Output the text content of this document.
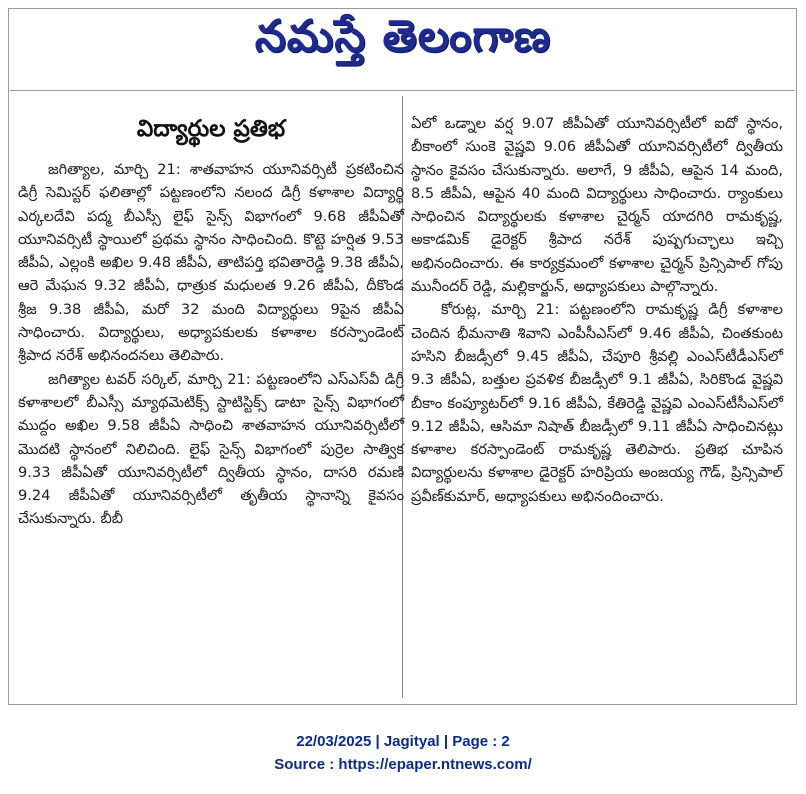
నమస్తే తెలంగాణ
విద్యార్థుల ప్రతిభ

జగిత్యాల, మార్చి 21: శాతవాహన యూనివర్సిటీ ప్రకటించిన డిగ్రీ సెమిస్టర్ ఫలితాల్లో పట్టణంలోని నలంద డిగ్రీ కళాశాల విద్యార్థి ఎర్కలదేవి పద్మ బీఎస్సీ లైఫ్ సైన్స్ విభాగంలో 9.68 జీపీఏతో యూనివర్సిటీ స్థాయిలో ప్రథమ స్థానం సాధించింది. కొట్టె హర్షిత 9.53 జీపీఏ, ఎల్లంకి అఖిల 9.48 జీపీఏ, తాటిపర్తి భవితారెడ్డి 9.38 జీపీఏ, ఆరె మేఘన 9.32 జీపీఏ, ధాత్రుక మధులత 9.26 జీపీఏ, దీకొండ శ్రీజ 9.38 జీపీఏ, మరో 32 మంది విద్యార్థులు 9పైన జీపీఏ సాధించారు. విద్యార్థులు, అధ్యాపకులకు కళాశాల కరస్పాండెంట్ శ్రీపాద నరేశ్ అభినందనలు తెలిపారు.

జగిత్యాల టవర్ సర్కిల్, మార్చి 21: పట్టణంలోని ఎస్ఎస్‌వీ డిగ్రీ కళాశాలలో బీఎస్సీ మ్యాథమెటిక్స్ స్టాటిస్టిక్స్ డాటా సైన్స్ విభాగంలో ముద్దం అఖిల 9.58 జీపీఏ సాధించి శాతవాహన యూనివర్సిటీలో మొదటి స్థానంలో నిలిచింది. లైఫ్ సైన్స్ విభాగంలో పుర్రెల సాత్విక 9.33 జీపీఏతో యూనివర్సిటీలో ద్వితీయ స్థానం, దాసరి రమణి 9.24 జీపీఏతో యూనివర్సిటీలో తృతీయ స్థానాన్ని కైవసం చేసుకున్నారు. బీబీ

ఏలో ఒడ్నాల వర్ష 9.07 జీపీఏతో యూనివర్సిటీలో ఐదో స్థానం, బీకాంలో సుంకె వైష్ణవి 9.06 జీపీఏతో యూనివర్సిటీలో ద్వితీయ స్థానం కైవసం చేసుకున్నారు. అలాగే, 9 జీపీఏ, ఆపైన 14 మంది, 8.5 జీపీఏ, ఆపైన 40 మంది విద్యార్థులు సాధించారు. ర్యాంకులు సాధించిన విద్యార్థులకు కళాశాల చైర్మన్ యాదగిరి రామకృష్ణ, అకాడమిక్ డైరెక్టర్ శ్రీపాద నరేశ్ పుష్పగుచ్ఛాలు ఇచ్చి అభినందించారు. ఈ కార్యక్రమంలో కళాశాల చైర్మన్ ప్రిన్సిపాల్ గోపు మునీందర్ రెడ్డి, మల్లికార్జున్, అధ్యాపకులు పాల్గొన్నారు.

కోరుట్ల, మార్చి 21: పట్టణంలోని రామకృష్ణ డిగ్రీ కళాశాల చెందిన భీమనాతి శివాని ఎంపీసీఎస్‌లో 9.46 జీపీఏ, చింతకుంట హసిని బీజడ్సీలో 9.45 జీపీఏ, చేపూరి శ్రీవల్లి ఎంఎస్‌టీడీఎస్‌లో 9.3 జీపీఏ, బత్తుల ప్రవళిక బీజడ్సీలో 9.1 జీపీఏ, సిరికొండ వైష్ణవి బీకాం కంప్యూటర్‌లో 9.16 జీపీఏ, కేతిరెడ్డి వైష్ణవి ఎంఎస్‌టీసీఎస్‌లో 9.12 జీపీఏ, ఆసిమా నిషాత్ బీజడ్సీలో 9.11 జీపీఏ సాధించినట్లు కళాశాల కరస్పాండెంట్ రామకృష్ణ తెలిపారు. ప్రతిభ చూపిన విద్యార్థులను కళాశాల డైరెక్టర్ హరిప్రియ అంజయ్య గౌడ్, ప్రిన్సిపాల్ ప్రవీణ్‌కుమార్, అధ్యాపకులు అభినందించారు.

22/03/2025 | Jagityal | Page : 2
Source : https://epaper.ntnews.com/
